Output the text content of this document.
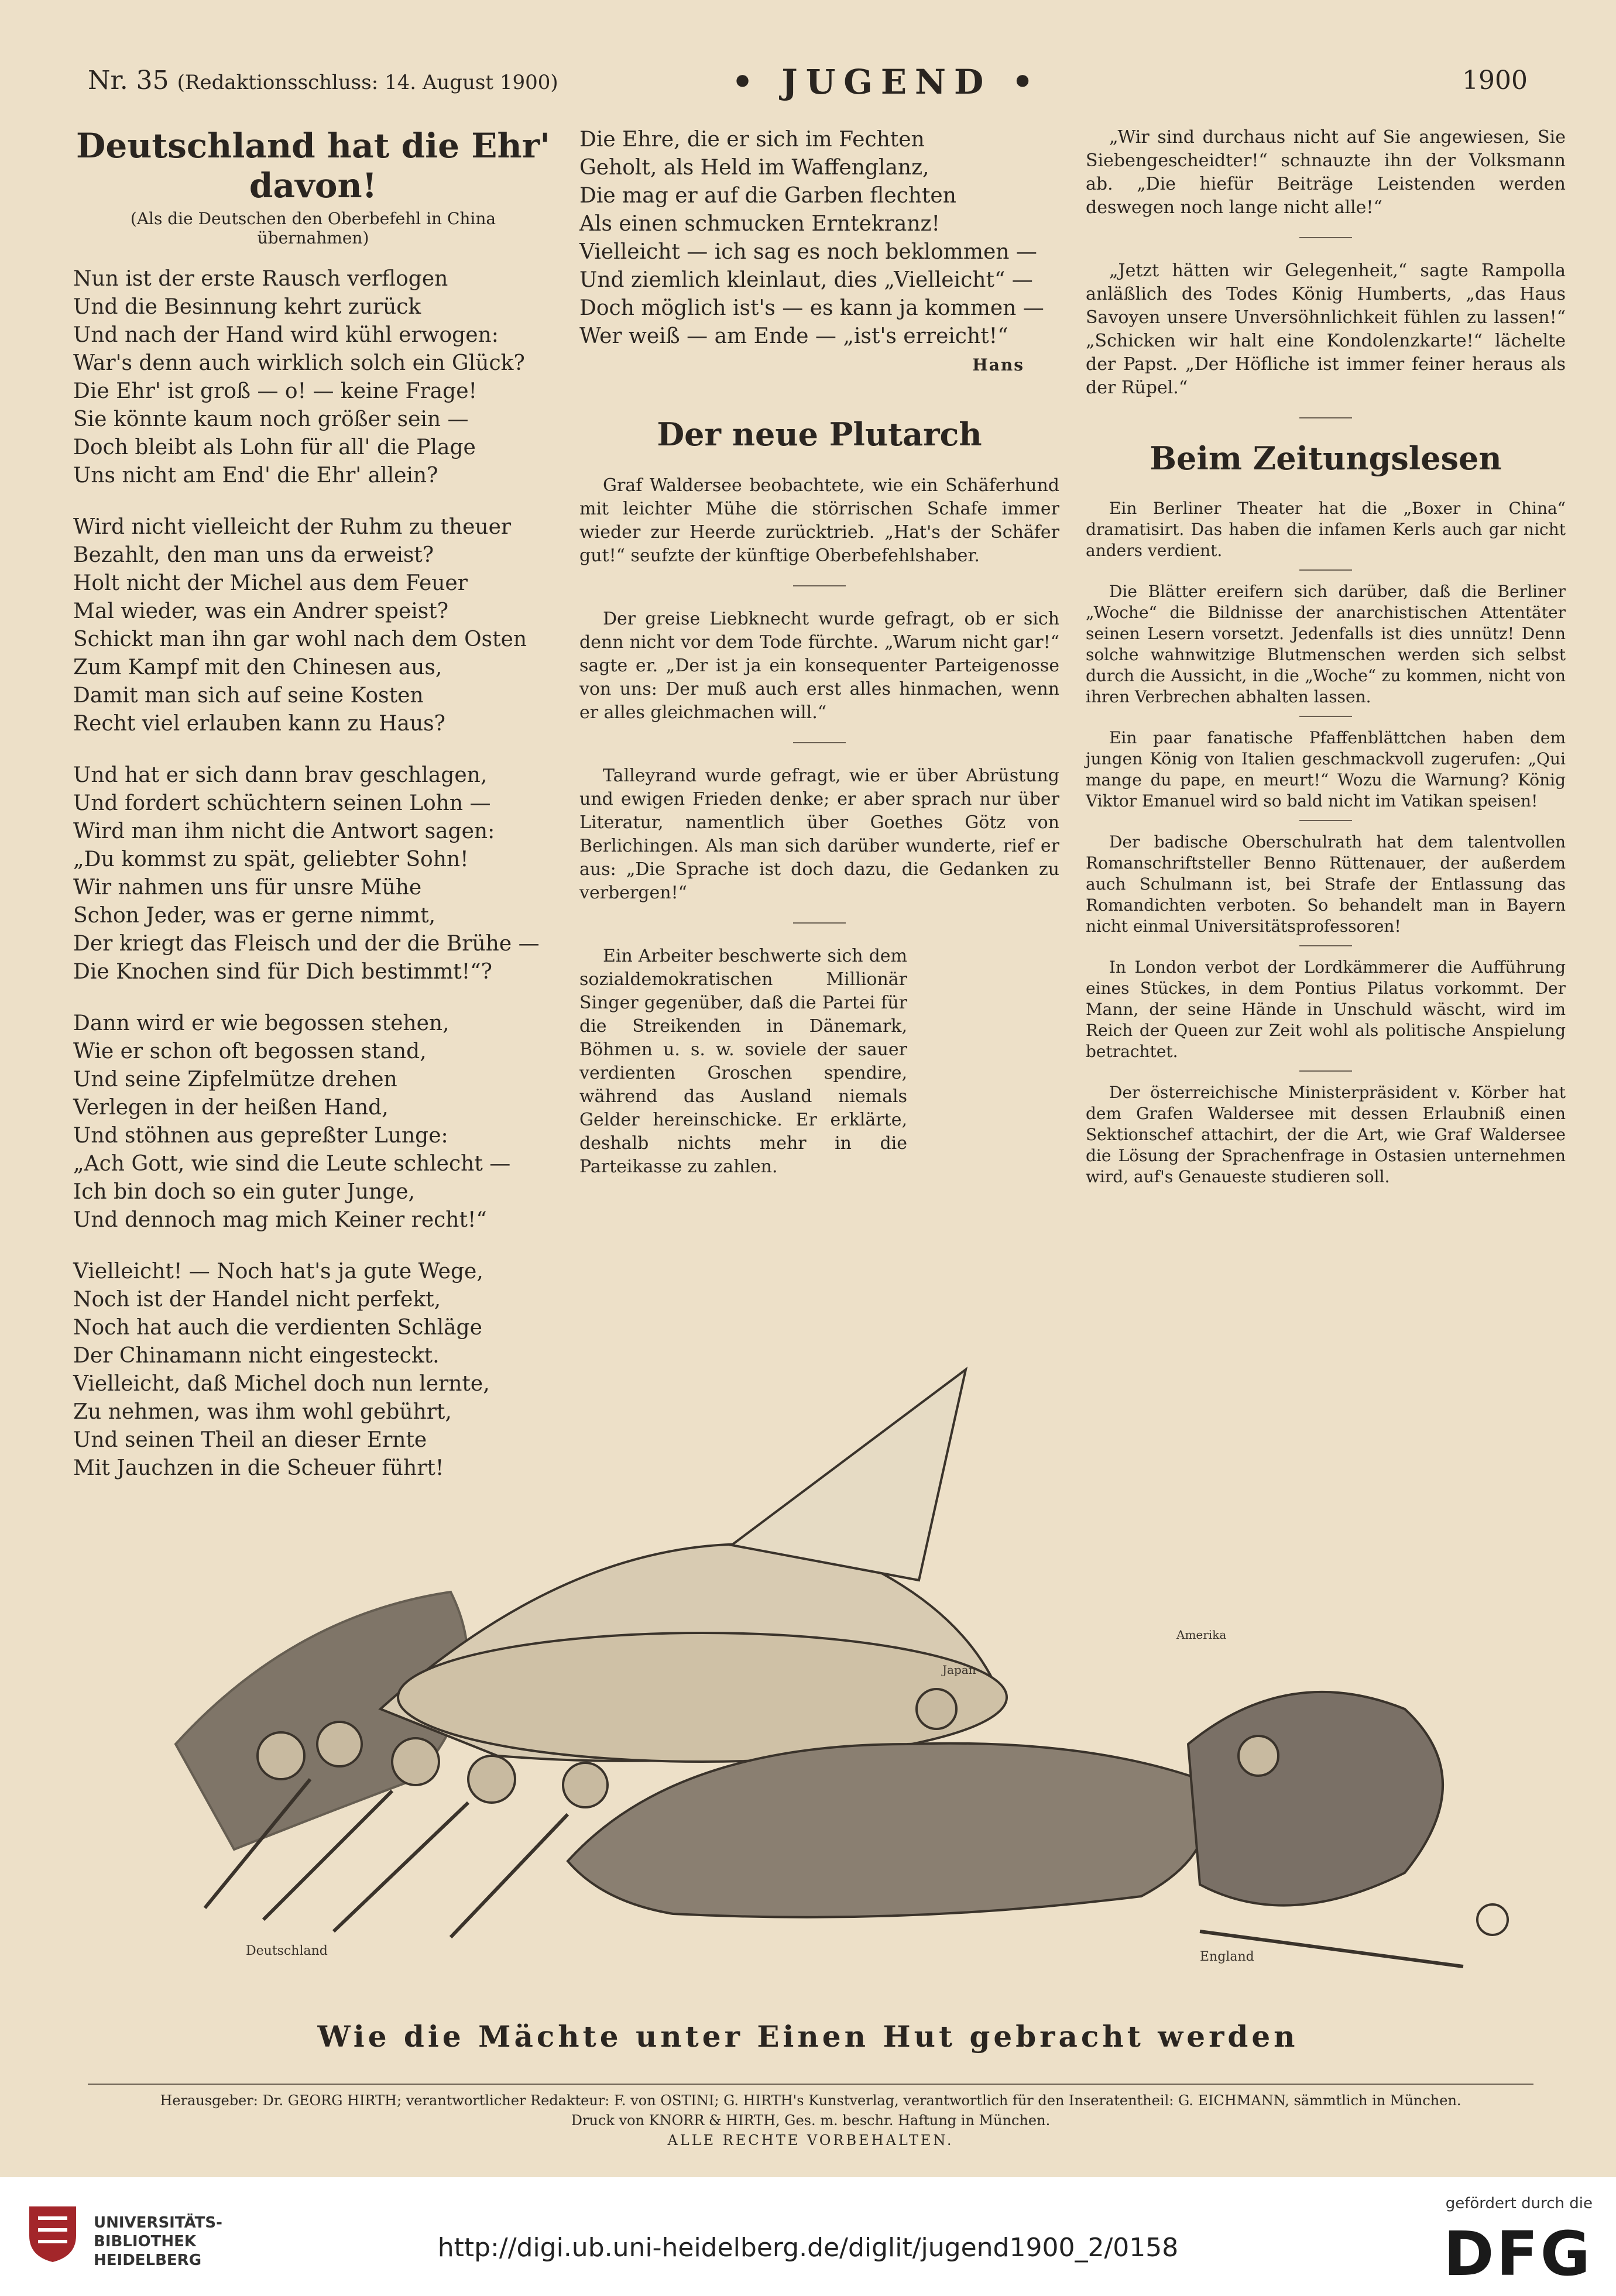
Nr. 35 (Redaktionsschluss: 14. August 1900)	• JUGEND •	1900
Deutschland hat die Ehr' davon!
(Als die Deutschen den Oberbefehl in China übernahmen)
Nun ist der erste Rausch verflogen
Und die Besinnung kehrt zurück
Und nach der Hand wird kühl erwogen:
War's denn auch wirklich solch ein Glück?
Die Ehr' ist groß — o! — keine Frage!
Sie könnte kaum noch größer sein —
Doch bleibt als Lohn für all' die Plage
Uns nicht am End' die Ehr' allein?
Wird nicht vielleicht der Ruhm zu theuer
Bezahlt, den man uns da erweist?
Holt nicht der Michel aus dem Feuer
Mal wieder, was ein Andrer speist?
Schickt man ihn gar wohl nach dem Osten
Zum Kampf mit den Chinesen aus,
Damit man sich auf seine Kosten
Recht viel erlauben kann zu Haus?
Und hat er sich dann brav geschlagen,
Und fordert schüchtern seinen Lohn —
Wird man ihm nicht die Antwort sagen:
„Du kommst zu spät, geliebter Sohn!
Wir nahmen uns für unsre Mühe
Schon Jeder, was er gerne nimmt,
Der kriegt das Fleisch und der die Brühe —
Die Knochen sind für Dich bestimmt!“?
Dann wird er wie begossen stehen,
Wie er schon oft begossen stand,
Und seine Zipfelmütze drehen
Verlegen in der heißen Hand,
Und stöhnen aus gepreßter Lunge:
„Ach Gott, wie sind die Leute schlecht —
Ich bin doch so ein guter Junge,
Und dennoch mag mich Keiner recht!“
Vielleicht! — Noch hat's ja gute Wege,
Noch ist der Handel nicht perfekt,
Noch hat auch die verdienten Schläge
Der Chinamann nicht eingesteckt.
Vielleicht, daß Michel doch nun lernte,
Zu nehmen, was ihm wohl gebührt,
Und seinen Theil an dieser Ernte
Mit Jauchzen in die Scheuer führt!
Die Ehre, die er sich im Fechten
Geholt, als Held im Waffenglanz,
Die mag er auf die Garben flechten
Als einen schmucken Erntekranz!
Vielleicht — ich sag es noch beklommen —
Und ziemlich kleinlaut, dies „Vielleicht“ —
Doch möglich ist's — es kann ja kommen —
Wer weiß — am Ende — „ist's erreicht!“
Hans
Der neue Plutarch

Graf Waldersee beobachtete, wie ein Schäferhund mit leichter Mühe die störrischen Schafe immer wieder zur Heerde zurücktrieb. „Hat's der Schäfer gut!“ seufzte der künftige Oberbefehlshaber.

Der greise Liebknecht wurde gefragt, ob er sich denn nicht vor dem Tode fürchte. „Warum nicht gar!“ sagte er. „Der ist ja ein konsequenter Parteigenosse von uns: Der muß auch erst alles hinmachen, wenn er alles gleichmachen will.“

Talleyrand wurde gefragt, wie er über Abrüstung und ewigen Frieden denke; er aber sprach nur über Literatur, namentlich über Goethes Götz von Berlichingen. Als man sich darüber wunderte, rief er aus: „Die Sprache ist doch dazu, die Gedanken zu verbergen!“

Ein Arbeiter beschwerte sich dem sozialdemokratischen Millionär Singer gegenüber, daß die Partei für die Streikenden in Dänemark, Böhmen u. s. w. soviele der sauer verdienten Groschen spendire, während das Ausland niemals Gelder hereinschicke. Er erklärte, deshalb nichts mehr in die Parteikasse zu zahlen.

„Wir sind durchaus nicht auf Sie angewiesen, Sie Siebengescheidter!“ schnauzte ihn der Volksmann ab. „Die hiefür Beiträge Leistenden werden deswegen noch lange nicht alle!“

„Jetzt hätten wir Gelegenheit,“ sagte Rampolla anläßlich des Todes König Humberts, „das Haus Savoyen unsere Unversöhnlichkeit fühlen zu lassen!“ „Schicken wir halt eine Kondolenzkarte!“ lächelte der Papst. „Der Höfliche ist immer feiner heraus als der Rüpel.“

Beim Zeitungslesen

Ein Berliner Theater hat die „Boxer in China“ dramatisirt. Das haben die infamen Kerls auch gar nicht anders verdient.

Die Blätter ereifern sich darüber, daß die Berliner „Woche“ die Bildnisse der anarchistischen Attentäter seinen Lesern vorsetzt. Jedenfalls ist dies unnütz! Denn solche wahnwitzige Blutmenschen werden sich selbst durch die Aussicht, in die „Woche“ zu kommen, nicht von ihren Verbrechen abhalten lassen.

Ein paar fanatische Pfaffenblättchen haben dem jungen König von Italien geschmackvoll zugerufen: „Qui mange du pape, en meurt!“ Wozu die Warnung? König Viktor Emanuel wird so bald nicht im Vatikan speisen!

Der badische Oberschulrath hat dem talentvollen Romanschriftsteller Benno Rüttenauer, der außerdem auch Schulmann ist, bei Strafe der Entlassung das Romandichten verboten. So behandelt man in Bayern nicht einmal Universitätsprofessoren!

In London verbot der Lordkämmerer die Aufführung eines Stückes, in dem Pontius Pilatus vorkommt. Der Mann, der seine Hände in Unschuld wäscht, wird im Reich der Queen zur Zeit wohl als politische Anspielung betrachtet.

Der österreichische Ministerpräsident v. Körber hat dem Grafen Waldersee mit dessen Erlaubniß einen Sektionschef attachirt, der die Art, wie Graf Waldersee die Lösung der Sprachenfrage in Ostasien unternehmen wird, auf's Genaueste studieren soll.

Japan
Amerika
England
Deutschland
Wie die Mächte unter Einen Hut gebracht werden
Herausgeber: Dr. GEORG HIRTH; verantwortlicher Redakteur: F. von OSTINI; G. HIRTH's Kunstverlag, verantwortlich für den Inseratentheil: G. EICHMANN, sämmtlich in München.
Druck von KNORR & HIRTH, Ges. m. beschr. Haftung in München.
ALLE RECHTE VORBEHALTEN.
UNIVERSITÄTS-
BIBLIOTHEK
HEIDELBERG	http://digi.ub.uni-heidelberg.de/diglit/jugend1900_2/0158
gefördert durch die
DFG
